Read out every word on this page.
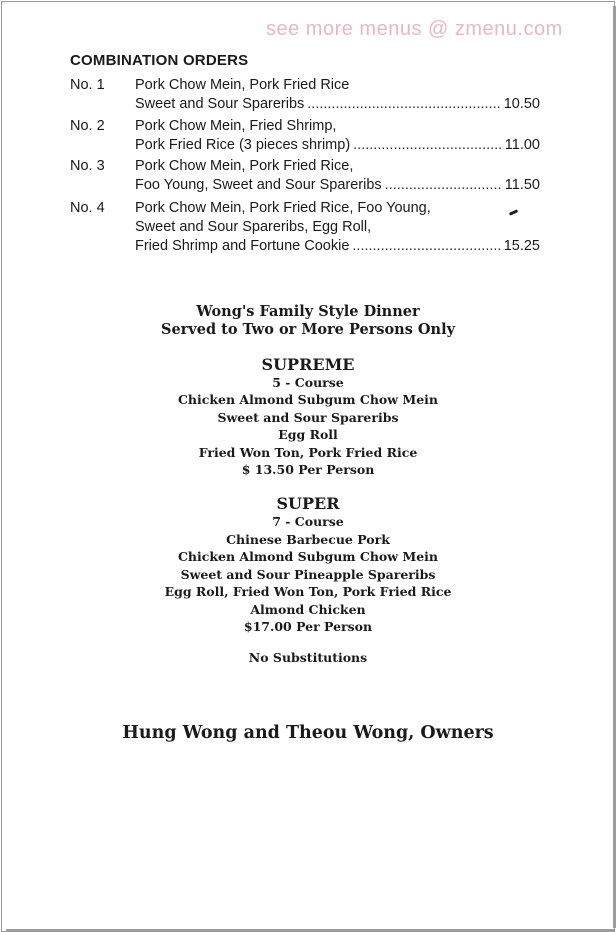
see more menus @ zmenu.com
COMBINATION ORDERS
No. 1 Pork Chow Mein, Pork Fried Rice
Sweet and Sour Spareribs .....	10.50
No. 2 Pork Chow Mein, Fried Shrimp,
Pork Fried Rice (3 pieces shrimp) .....	11.00
No. 3 Pork Chow Mein, Pork Fried Rice,
Foo Young, Sweet and Sour Spareribs .....	11.50
No. 4 Pork Chow Mein, Pork Fried Rice, Foo Young,
Sweet and Sour Spareribs, Egg Roll,
Fried Shrimp and Fortune Cookie .....	15.25
Wong's Family Style Dinner
Served to Two or More Persons Only
SUPREME
5 - Course
Chicken Almond Subgum Chow Mein
Sweet and Sour Spareribs
Egg Roll
Fried Won Ton, Pork Fried Rice
$ 13.50 Per Person
SUPER
7 - Course
Chinese Barbecue Pork
Chicken Almond Subgum Chow Mein
Sweet and Sour Pineapple Spareribs
Egg Roll, Fried Won Ton, Pork Fried Rice
Almond Chicken
$17.00 Per Person
No Substitutions
Hung Wong and Theou Wong, Owners
